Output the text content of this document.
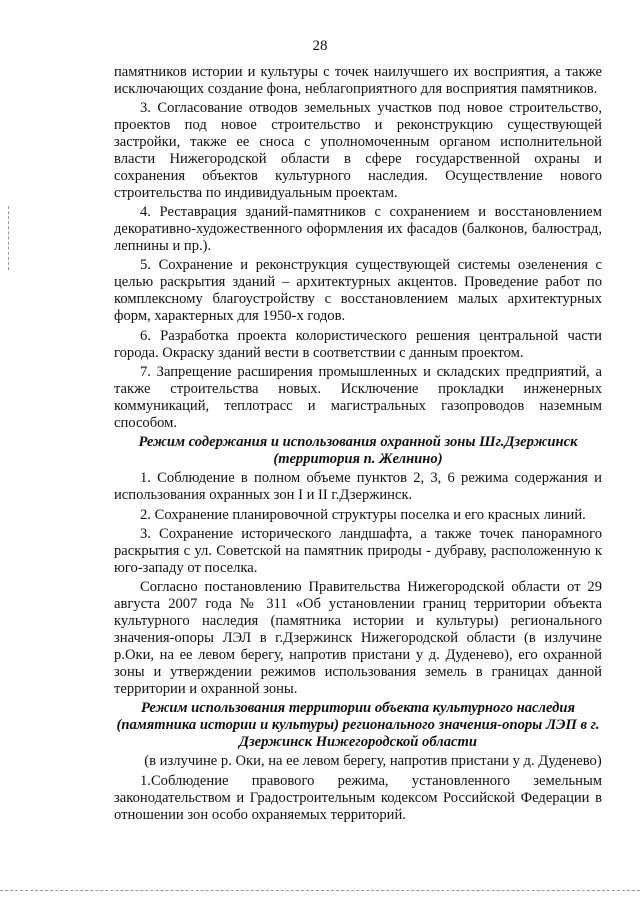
28

памятников истории и культуры с точек наилучшего их восприятия, а также исключающих создание фона, неблагоприятного для восприятия памятников.

3. Согласование отводов земельных участков под новое строительство, проектов под новое строительство и реконструкцию существующей застройки, также ее сноса с уполномоченным органом исполнительной власти Нижегородской области в сфере государственной охраны и сохранения объектов культурного наследия. Осуществление нового строительства по индивидуальным проектам.

4. Реставрация зданий-памятников с сохранением и восстановлением декоративно-художественного оформления их фасадов (балконов, балюстрад, лепнины и пр.).

5. Сохранение и реконструкция существующей системы озеленения с целью раскрытия зданий – архитектурных акцентов. Проведение работ по комплексному благоустройству с восстановлением малых архитектурных форм, характерных для 1950-х годов.

6. Разработка проекта колористического решения центральной части города. Окраску зданий вести в соответствии с данным проектом.

7. Запрещение расширения промышленных и складских предприятий, а также строительства новых. Исключение прокладки инженерных коммуникаций, теплотрасс и магистральных газопроводов наземным способом.

Режим содержания и использования охранной зоны Шг.Дзержинск (территория п. Желнино)

1. Соблюдение в полном объеме пунктов 2, 3, 6 режима содержания и использования охранных зон I и II г.Дзержинск.

2. Сохранение планировочной структуры поселка и его красных линий.

3. Сохранение исторического ландшафта, а также точек панорамного раскрытия с ул. Советской на памятник природы - дубраву, расположенную к юго-западу от поселка.

Согласно постановлению Правительства Нижегородской области от 29 августа 2007 года № 311 «Об установлении границ территории объекта культурного наследия (памятника истории и культуры) регионального значения-опоры ЛЭЛ в г.Дзержинск Нижегородской области (в излучине р.Оки, на ее левом берегу, напротив пристани у д. Дуденево), его охранной зоны и утверждении режимов использования земель в границах данной территории и охранной зоны.

Режим использования территории объекта культурного наследия (памятника истории и культуры) регионального значения-опоры ЛЭП в г. Дзержинск Нижегородской области
(в излучине р. Оки, на ее левом берегу, напротив пристани у д. Дуденево)

1.Соблюдение правового режима, установленного земельным законодательством и Градостроительным кодексом Российской Федерации в отношении зон особо охраняемых территорий.
